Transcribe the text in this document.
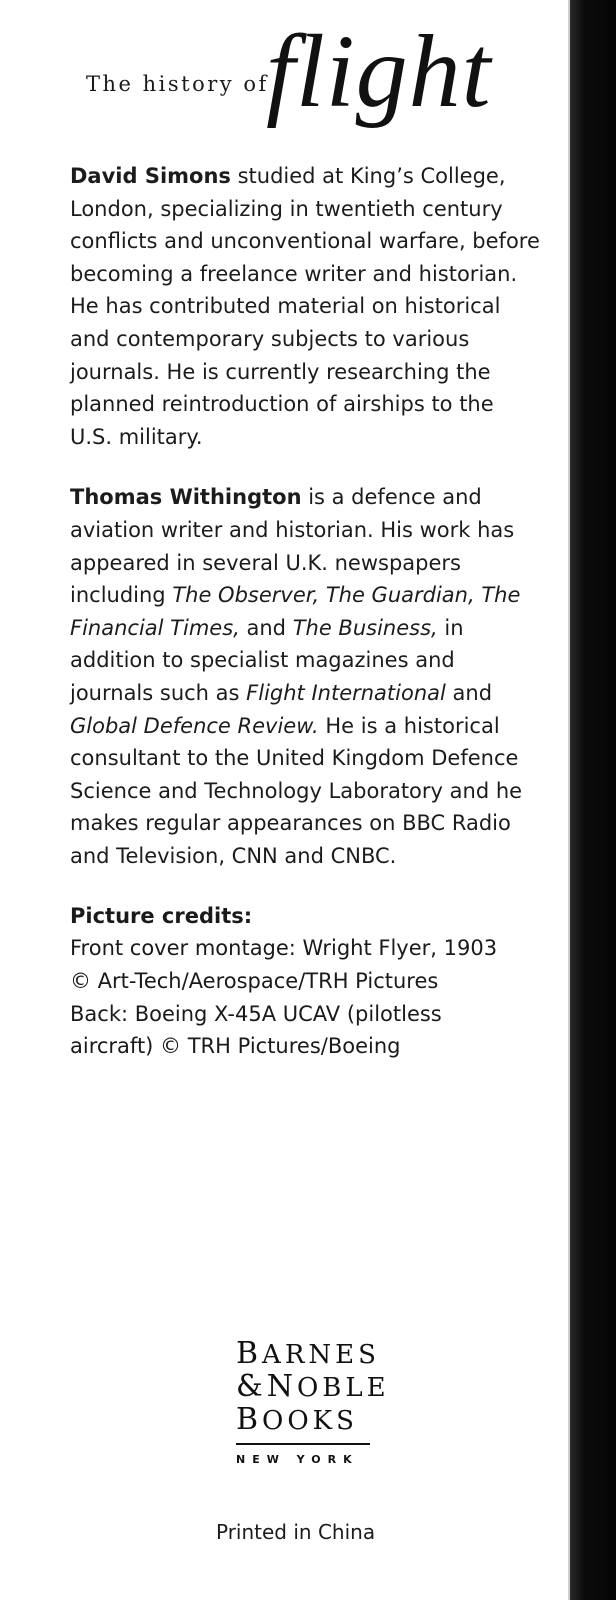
The history of
flight

David Simons studied at King’s College, London, specializing in twentieth century conflicts and unconventional warfare, before becoming a freelance writer and historian. He has contributed material on historical and contemporary subjects to various journals. He is currently researching the planned reintroduction of airships to the U.S. military.

Thomas Withington is a defence and aviation writer and historian. His work has appeared in several U.K. newspapers including The Observer, The Guardian, The Financial Times, and The Business, in addition to specialist magazines and journals such as Flight International and Global Defence Review. He is a historical consultant to the United Kingdom Defence Science and Technology Laboratory and he makes regular appearances on BBC Radio and Television, CNN and CNBC.

Picture credits:

Front cover montage: Wright Flyer, 1903

© Art-Tech/Aerospace/TRH Pictures

Back: Boeing X-45A UCAV (pilotless

aircraft) © TRH Pictures/Boeing

BARNES
&NOBLE
BOOKS
NEW YORK
Printed in China
